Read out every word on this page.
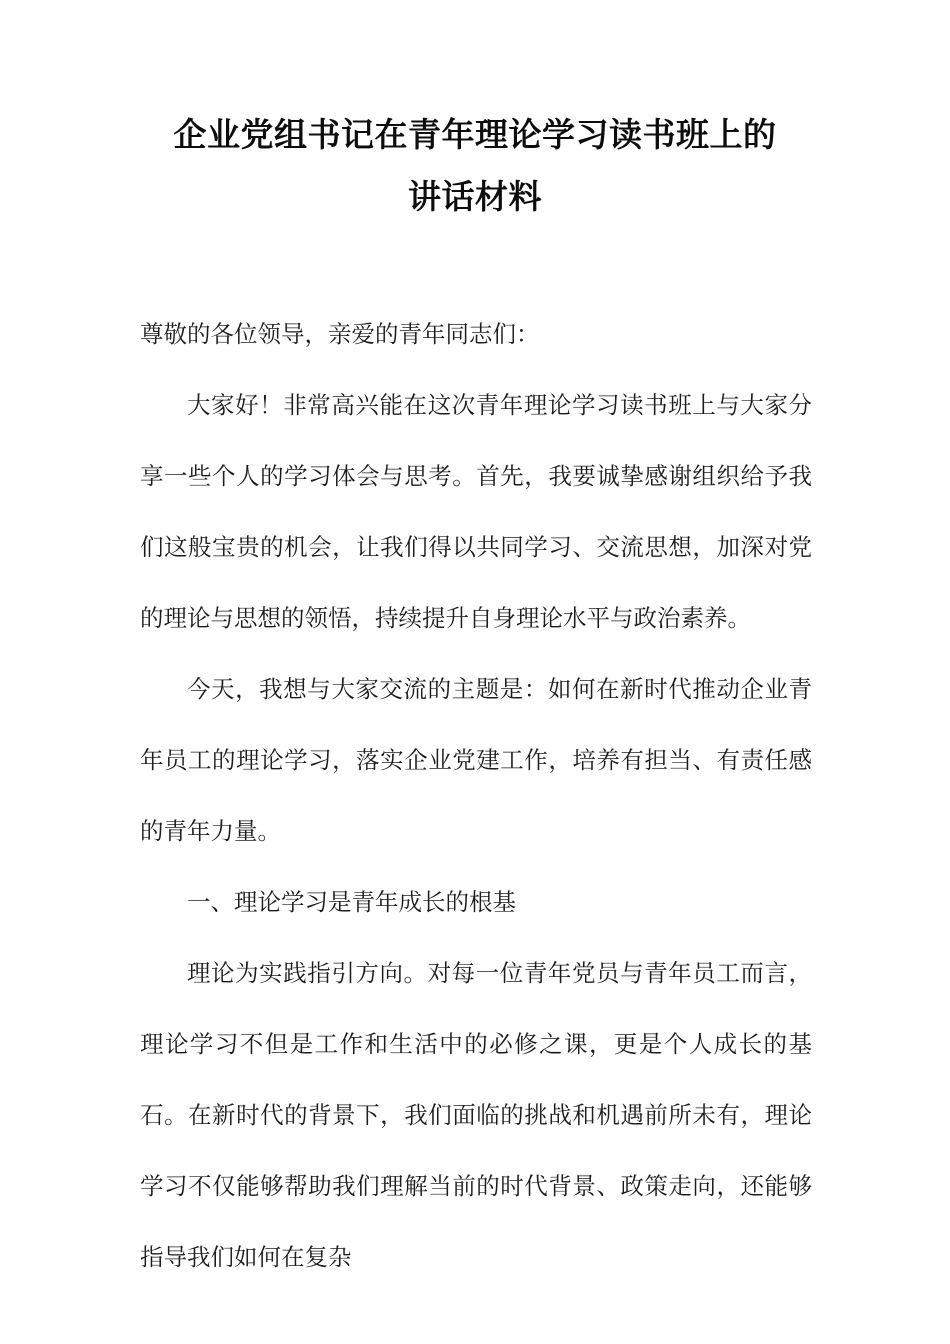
企业党组书记在青年理论学习读书班上的
讲话材料

尊敬的各位领导，亲爱的青年同志们：

大家好！非常高兴能在这次青年理论学习读书班上与大家分享一些个人的学习体会与思考。首先，我要诚挚感谢组织给予我们这般宝贵的机会，让我们得以共同学习、交流思想，加深对党的理论与思想的领悟，持续提升自身理论水平与政治素养。

今天，我想与大家交流的主题是：如何在新时代推动企业青年员工的理论学习，落实企业党建工作，培养有担当、有责任感的青年力量。

一、理论学习是青年成长的根基

理论为实践指引方向。对每一位青年党员与青年员工而言，理论学习不但是工作和生活中的必修之课，更是个人成长的基石。在新时代的背景下，我们面临的挑战和机遇前所未有，理论学习不仅能够帮助我们理解当前的时代背景、政策走向，还能够指导我们如何在复杂
